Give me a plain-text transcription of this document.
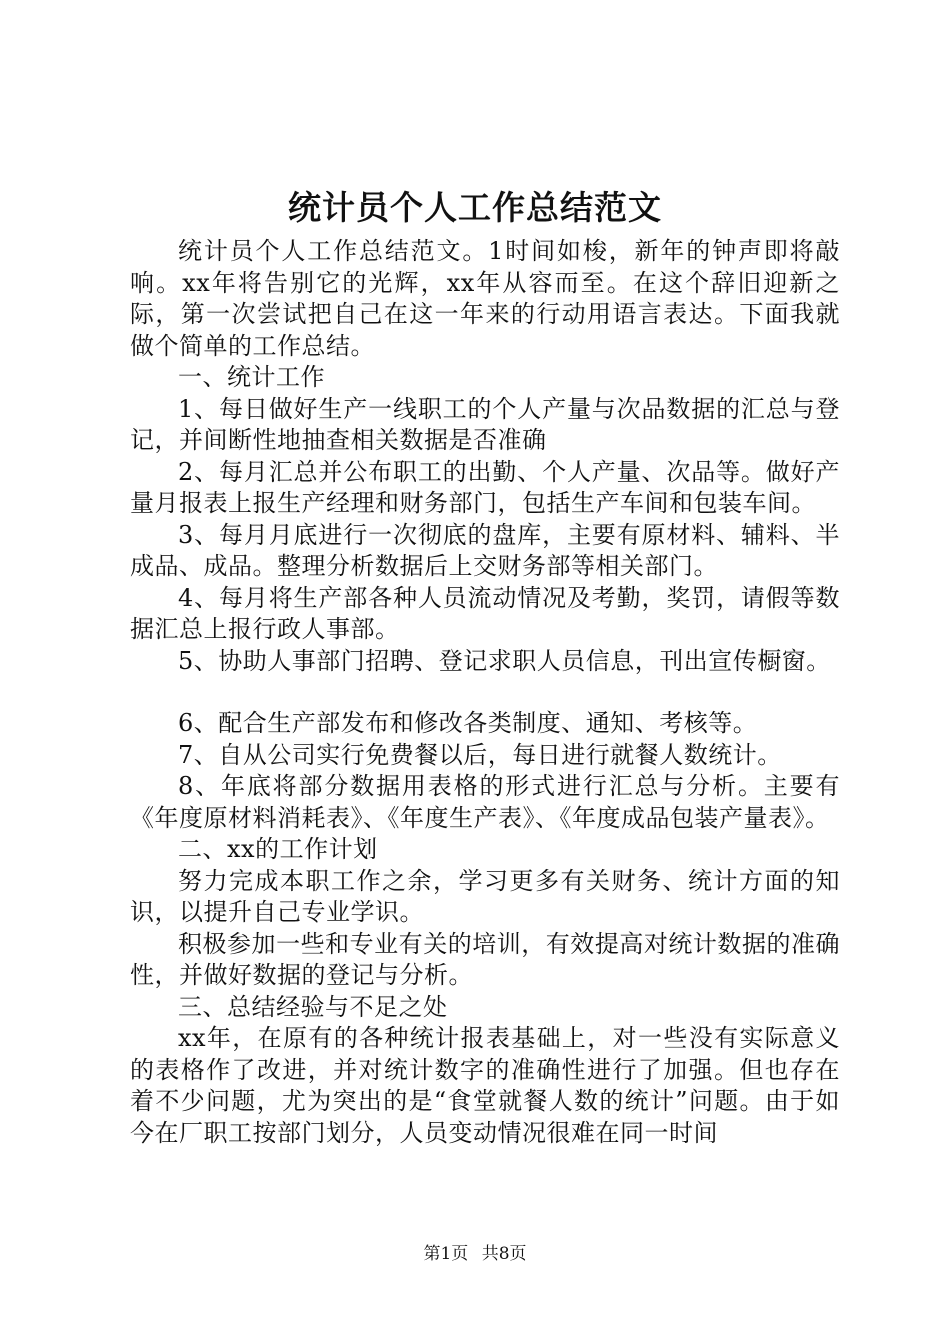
统计员个人工作总结范文

统计员个人工作总结范文。1时间如梭，新年的钟声即将敲响。xx年将告别它的光辉，xx年从容而至。在这个辞旧迎新之际，第一次尝试把自己在这一年来的行动用语言表达。下面我就做个简单的工作总结。

一、统计工作

1、每日做好生产一线职工的个人产量与次品数据的汇总与登记，并间断性地抽查相关数据是否准确

2、每月汇总并公布职工的出勤、个人产量、次品等。做好产量月报表上报生产经理和财务部门，包括生产车间和包装车间。

3、每月月底进行一次彻底的盘库，主要有原材料、辅料、半成品、成品。整理分析数据后上交财务部等相关部门。

4、每月将生产部各种人员流动情况及考勤，奖罚，请假等数据汇总上报行政人事部。

5、协助人事部门招聘、登记求职人员信息，刊出宣传橱窗。

6、配合生产部发布和修改各类制度、通知、考核等。

7、自从公司实行免费餐以后，每日进行就餐人数统计。

8、年底将部分数据用表格的形式进行汇总与分析。主要有《年度原材料消耗表》、《年度生产表》、《年度成品包装产量表》。

二、xx的工作计划

努力完成本职工作之余，学习更多有关财务、统计方面的知识，以提升自己专业学识。

积极参加一些和专业有关的培训，有效提高对统计数据的准确性，并做好数据的登记与分析。

三、总结经验与不足之处

xx年，在原有的各种统计报表基础上，对一些没有实际意义的表格作了改进，并对统计数字的准确性进行了加强。但也存在着不少问题，尤为突出的是“食堂就餐人数的统计”问题。由于如今在厂职工按部门划分，人员变动情况很难在同一时间

第1页 共8页
